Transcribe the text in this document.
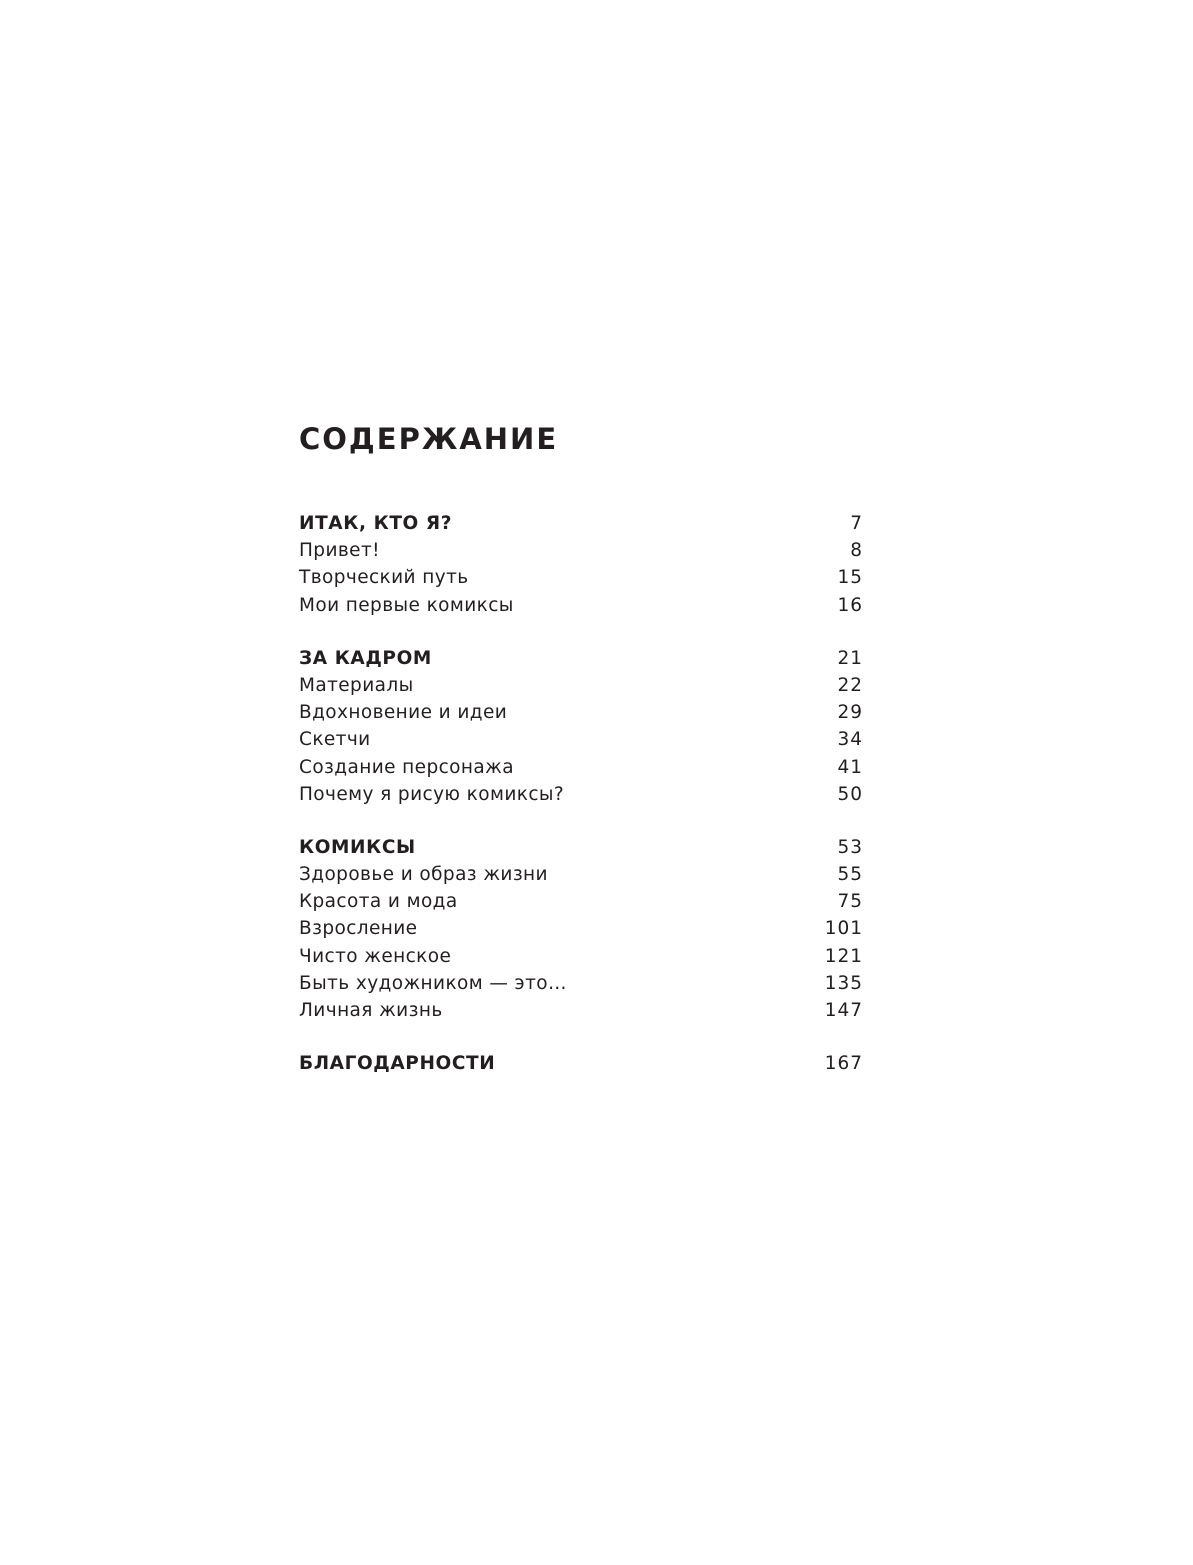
СОДЕРЖАНИЕ
ИТАК, КТО Я?	7
Привет!	8
Творческий путь	15
Мои первые комиксы	16
ЗА КАДРОМ	21
Материалы	22
Вдохновение и идеи	29
Скетчи	34
Создание персонажа	41
Почему я рисую комиксы?	50
КОМИКСЫ	53
Здоровье и образ жизни	55
Красота и мода	75
Взросление	101
Чисто женское	121
Быть художником — это…	135
Личная жизнь	147
БЛАГОДАРНОСТИ	167
